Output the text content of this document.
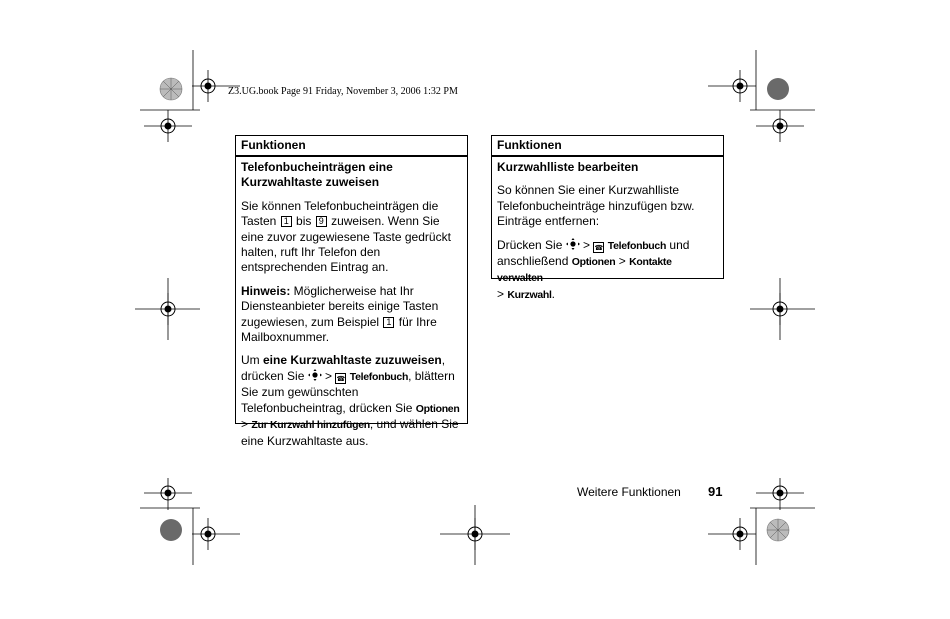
Z3.UG.book Page 91 Friday, November 3, 2006 1:32 PM
Funktionen
Telefonbucheinträgen eine Kurzwahltaste zuweisen
Sie können Telefonbucheinträgen die Tasten 1 bis 9 zuweisen. Wenn Sie eine zuvor zugewiesene Taste gedrückt halten, ruft Ihr Telefon den entsprechenden Eintrag an.
Hinweis: Möglicherweise hat Ihr Diensteanbieter bereits einige Tasten zugewiesen, zum Beispiel 1 für Ihre Mailboxnummer.
Um eine Kurzwahltaste zuzuweisen, drücken Sie  > ☎ Telefonbuch, blättern Sie zum gewünschten Telefonbucheintrag, drücken Sie Optionen > Zur Kurzwahl hinzufügen, und wählen Sie eine Kurzwahltaste aus.
Funktionen
Kurzwahlliste bearbeiten
So können Sie einer Kurzwahlliste Telefonbucheinträge hinzufügen bzw. Einträge entfernen:
Drücken Sie  > ☎ Telefonbuch und anschließend Optionen > Kontakte verwalten
> Kurzwahl.
Weitere Funktionen 91
